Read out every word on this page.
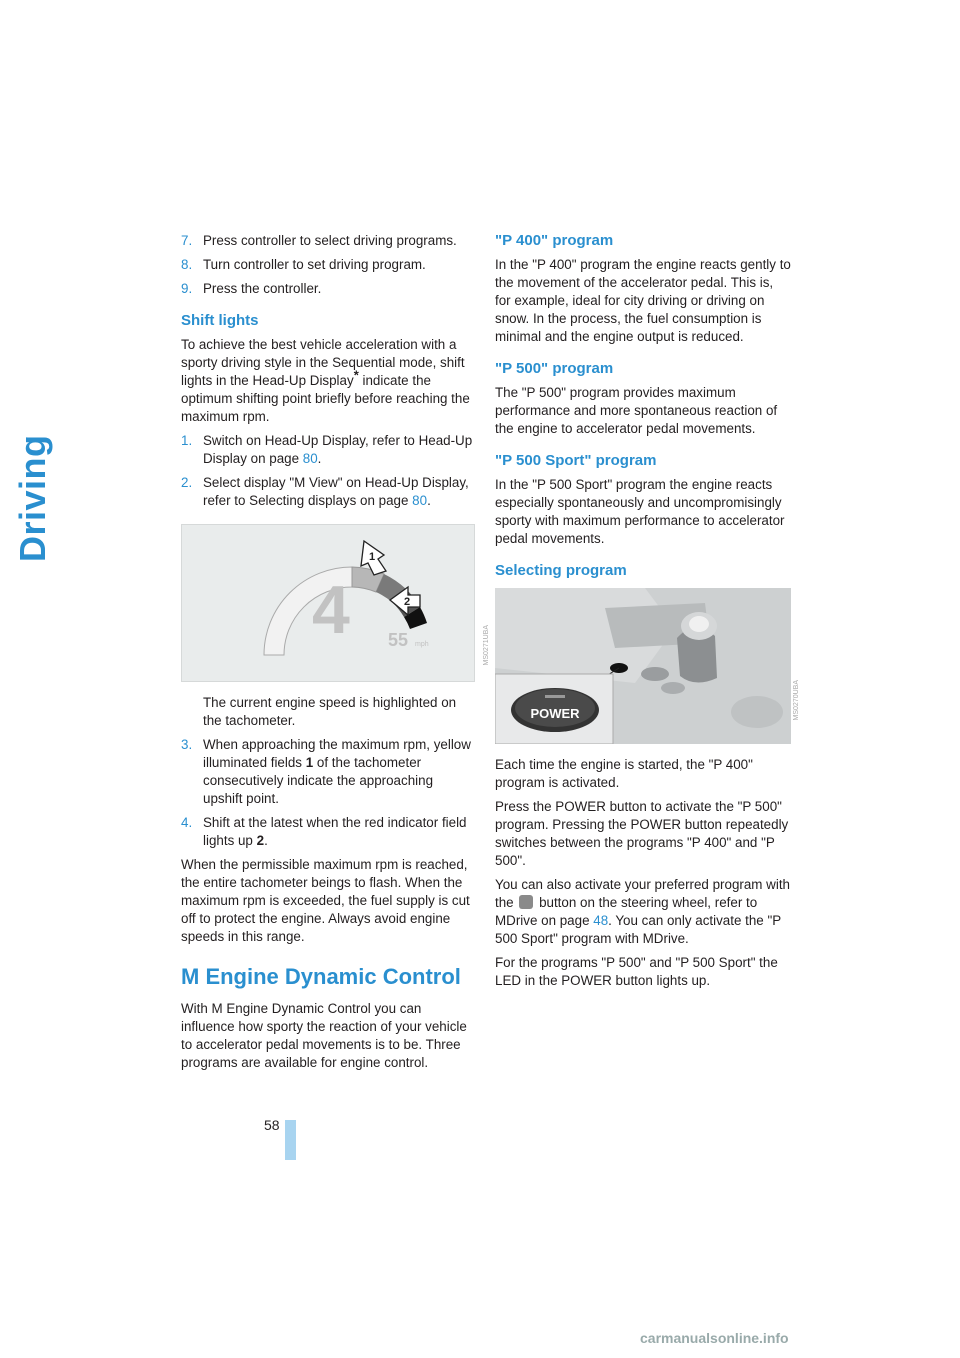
Driving
7. Press controller to select driving programs.
8. Turn controller to set driving program.
9. Press the controller.
Shift lights

To achieve the best vehicle acceleration with a sporty driving style in the Sequential mode, shift lights in the Head-Up Display* indicate the optimum shifting point briefly before reaching the maximum rpm.

1. Switch on Head-Up Display, refer to Head-Up Display on page 80.
2. Select display "M View" on Head-Up Display, refer to Selecting displays on page 80.
4 55 mph
1
2
MS0271UBA

The current engine speed is highlighted on the tachometer.

3. When approaching the maximum rpm, yellow illuminated fields 1 of the tachometer consecutively indicate the approaching upshift point.
4. Shift at the latest when the red indicator field lights up 2.

When the permissible maximum rpm is reached, the entire tachometer beings to flash. When the maximum rpm is exceeded, the fuel supply is cut off to protect the engine. Always avoid engine speeds in this range.

M Engine Dynamic Control

With M Engine Dynamic Control you can influence how sporty the reaction of your vehicle to accelerator pedal movements is to be. Three programs are available for engine control.

"P 400" program

In the "P 400" program the engine reacts gently to the movement of the accelerator pedal. This is, for example, ideal for city driving or driving on snow. In the process, the fuel consumption is minimal and the engine output is reduced.

"P 500" program

The "P 500" program provides maximum performance and more spontaneous reaction of the engine to accelerator pedal movements.

"P 500 Sport" program

In the "P 500 Sport" program the engine reacts especially spontaneously and uncompromisingly sporty with maximum performance to accelerator pedal movements.

Selecting program
POWER

Each time the engine is started, the "P 400" program is activated.

Press the POWER button to activate the "P 500" program. Pressing the POWER button repeatedly switches between the programs "P 400" and "P 500".

You can also activate your preferred program with the  button on the steering wheel, refer to MDrive on page 48. You can only activate the "P 500 Sport" program with MDrive.

For the programs "P 500" and "P 500 Sport" the LED in the POWER button lights up.

MS0270UBA
58
carmanualsonline.info
